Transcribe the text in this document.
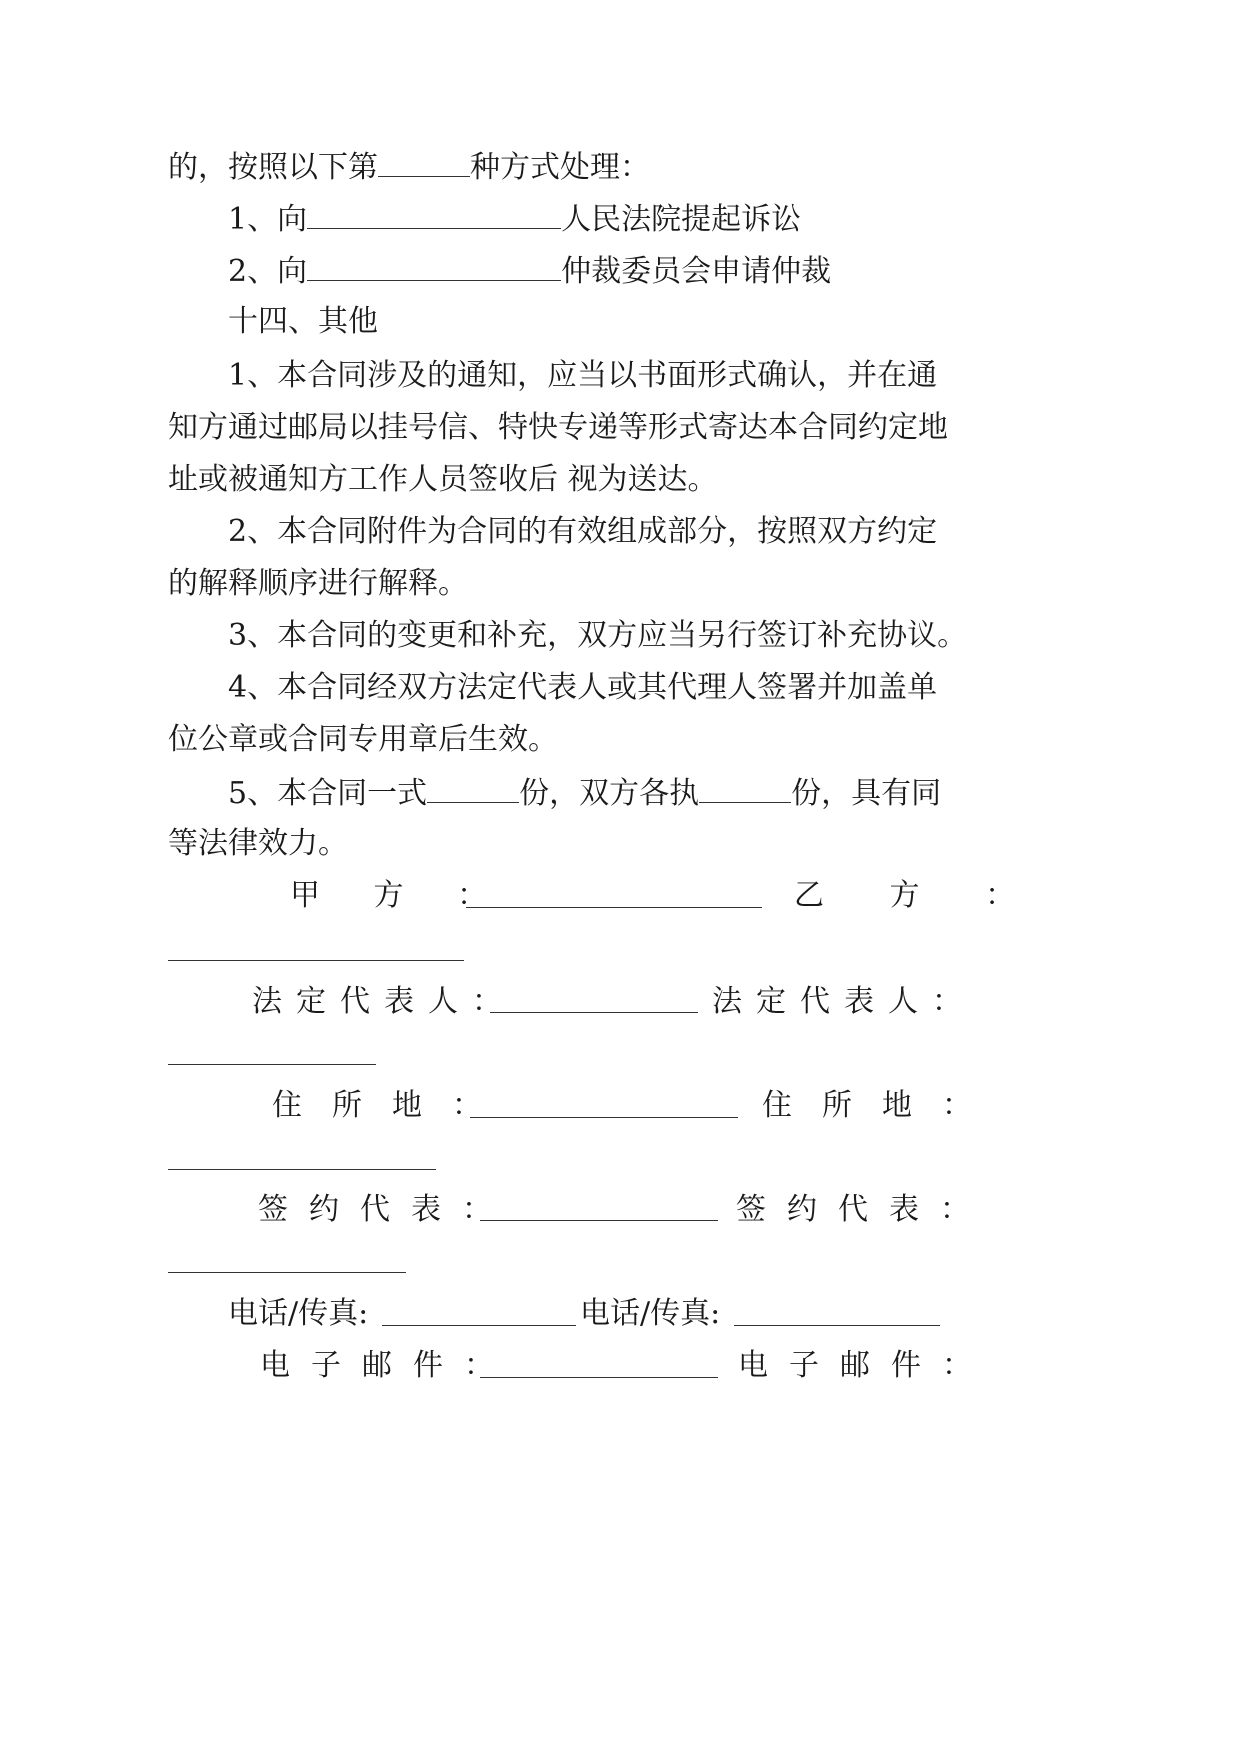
的，按照以下第	种方式处理：
1、向	人民法院提起诉讼
2、向	仲裁委员会申请仲裁
十四、其他
1、本合同涉及的通知，应当以书面形式确认，并在通
知方通过邮局以挂号信、特快专递等形式寄达本合同约定地
址或被通知方工作人员签收后 视为送达。
2、本合同附件为合同的有效组成部分，按照双方约定
的解释顺序进行解释。
3、本合同的变更和补充，双方应当另行签订补充协议。
4、本合同经双方法定代表人或其代理人签署并加盖单
位公章或合同专用章后生效。
5、本合同一式	份，双方各执	份，具有同
等法律效力。
甲 方 ：	乙 方 ：
法定代表人：	法定代表人：
住所地：	住所地：
签约代表：	签约代表：
电话/传真:	电话/传真:
电子邮件：	电子邮件：
